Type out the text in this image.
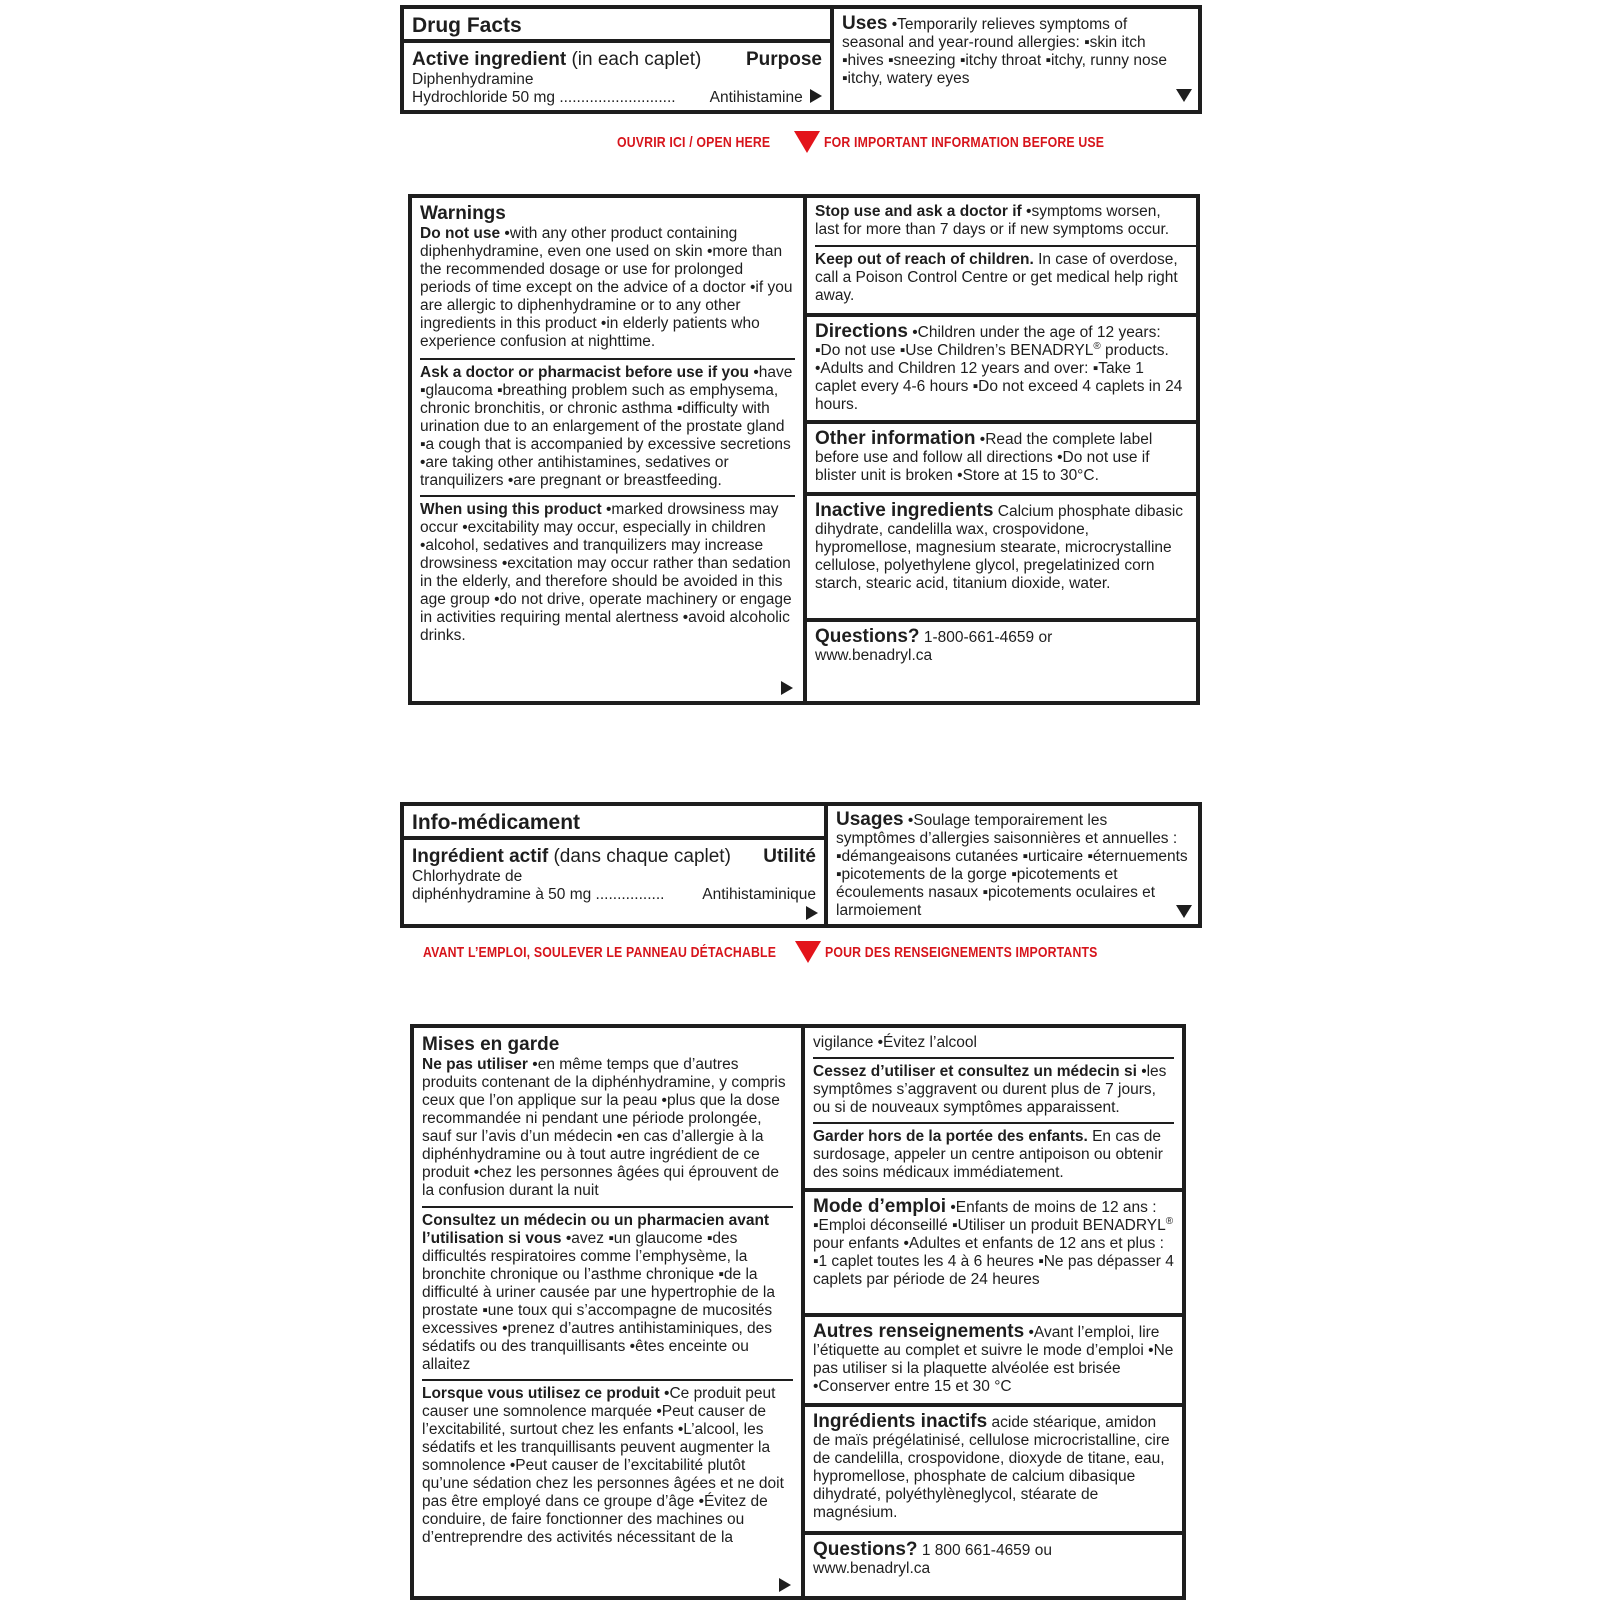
Drug Facts
Active ingredient (in each caplet) Purpose
Diphenhydramine
Hydrochloride 50 mg ........................... Antihistamine
Uses •Temporarily relieves symptoms of seasonal and year-round allergies: ▪skin itch ▪hives ▪sneezing ▪itchy throat ▪itchy, runny nose ▪itchy, watery eyes
OUVRIR ICI / OPEN HERE	FOR IMPORTANT INFORMATION BEFORE USE
Warnings
Do not use •with any other product containing diphenhydramine, even one used on skin •more than the recommended dosage or use for prolonged periods of time except on the advice of a doctor •if you are allergic to diphenhydramine or to any other ingredients in this product •in elderly patients who experience confusion at nighttime.
Ask a doctor or pharmacist before use if you •have ▪glaucoma ▪breathing problem such as emphysema, chronic bronchitis, or chronic asthma ▪difficulty with urination due to an enlargement of the prostate gland ▪a cough that is accompanied by excessive secretions •are taking other antihistamines, sedatives or tranquilizers •are pregnant or breastfeeding.
When using this product •marked drowsiness may occur •excitability may occur, especially in children •alcohol, sedatives and tranquilizers may increase drowsiness •excitation may occur rather than sedation in the elderly, and therefore should be avoided in this age group •do not drive, operate machinery or engage in activities requiring mental alertness •avoid alcoholic drinks.
Stop use and ask a doctor if •symptoms worsen, last for more than 7 days or if new symptoms occur.
Keep out of reach of children. In case of overdose, call a Poison Control Centre or get medical help right away.
Directions •Children under the age of 12 years: ▪Do not use ▪Use Children’s BENADRYL® products. •Adults and Children 12 years and over: ▪Take 1 caplet every 4-6 hours ▪Do not exceed 4 caplets in 24 hours.
Other information •Read the complete label before use and follow all directions •Do not use if blister unit is broken •Store at 15 to 30°C.
Inactive ingredients Calcium phosphate dibasic dihydrate, candelilla wax, crospovidone, hypromellose, magnesium stearate, microcrystalline cellulose, polyethylene glycol, pregelatinized corn starch, stearic acid, titanium dioxide, water.
Questions? 1-800-661-4659 or
www.benadryl.ca
Info-médicament
Ingrédient actif (dans chaque caplet) Utilité
Chlorhydrate de
diphénhydramine à 50 mg ................ Antihistaminique
Usages •Soulage temporairement les symptômes d’allergies saisonnières et annuelles : ▪démangeaisons cutanées ▪urticaire ▪éternuements ▪picotements de la gorge ▪picotements et écoulements nasaux ▪picotements oculaires et larmoiement
AVANT L’EMPLOI, SOULEVER LE PANNEAU DÉTACHABLE	POUR DES RENSEIGNEMENTS IMPORTANTS
Mises en garde
Ne pas utiliser •en même temps que d’autres produits contenant de la diphénhydramine, y compris ceux que l’on applique sur la peau •plus que la dose recommandée ni pendant une période prolongée, sauf sur l’avis d’un médecin •en cas d’allergie à la diphénhydramine ou à tout autre ingrédient de ce produit •chez les personnes âgées qui éprouvent de la confusion durant la nuit
Consultez un médecin ou un pharmacien avant l’utilisation si vous •avez ▪un glaucome ▪des difficultés respiratoires comme l’emphysème, la bronchite chronique ou l’asthme chronique ▪de la difficulté à uriner causée par une hypertrophie de la prostate ▪une toux qui s’accompagne de mucosités excessives •prenez d’autres antihistaminiques, des sédatifs ou des tranquillisants •êtes enceinte ou allaitez
Lorsque vous utilisez ce produit •Ce produit peut causer une somnolence marquée •Peut causer de l’excitabilité, surtout chez les enfants •L’alcool, les sédatifs et les tranquillisants peuvent augmenter la somnolence •Peut causer de l’excitabilité plutôt qu’une sédation chez les personnes âgées et ne doit pas être employé dans ce groupe d’âge •Évitez de conduire, de faire fonctionner des machines ou d’entreprendre des activités nécessitant de la
vigilance •Évitez l’alcool
Cessez d’utiliser et consultez un médecin si •les symptômes s’aggravent ou durent plus de 7 jours, ou si de nouveaux symptômes apparaissent.
Garder hors de la portée des enfants. En cas de surdosage, appeler un centre antipoison ou obtenir des soins médicaux immédiatement.
Mode d’emploi •Enfants de moins de 12 ans : ▪Emploi déconseillé ▪Utiliser un produit BENADRYL® pour enfants •Adultes et enfants de 12 ans et plus : ▪1 caplet toutes les 4 à 6 heures ▪Ne pas dépasser 4 caplets par période de 24 heures
Autres renseignements •Avant l’emploi, lire l’étiquette au complet et suivre le mode d’emploi •Ne pas utiliser si la plaquette alvéolée est brisée •Conserver entre 15 et 30 °C
Ingrédients inactifs acide stéarique, amidon de maïs prégélatinisé, cellulose microcristalline, cire de candelilla, crospovidone, dioxyde de titane, eau, hypromellose, phosphate de calcium dibasique dihydraté, polyéthylèneglycol, stéarate de magnésium.
Questions? 1 800 661-4659 ou
www.benadryl.ca
